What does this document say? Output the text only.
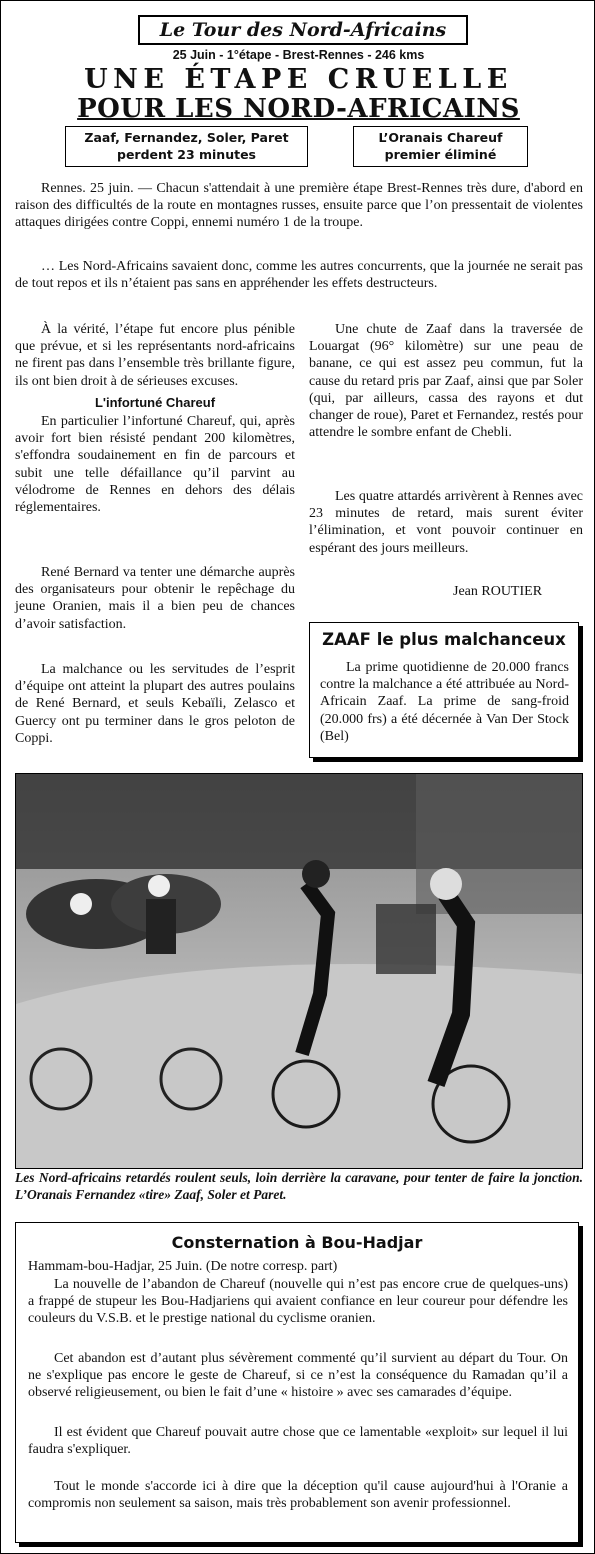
Le Tour des Nord-Africains
25 Juin - 1°étape - Brest-Rennes - 246 kms
UNE ÉTAPE CRUELLE
POUR LES NORD-AFRICAINS
Zaaf, Fernandez, Soler, Paret
perdent 23 minutes
L’Oranais Chareuf
premier éliminé

Rennes. 25 juin. — Chacun s'attendait à une première étape Brest-Rennes très dure, d'abord en raison des difficultés de la route en montagnes russes, ensuite parce que l’on pressentait de violentes attaques dirigées contre Coppi, ennemi numéro 1 de la troupe.

… Les Nord-Africains savaient donc, comme les autres concurrents, que la journée ne serait pas de tout repos et ils n’étaient pas sans en appréhender les effets destructeurs.

À la vérité, l’étape fut encore plus pénible que prévue, et si les représentants nord-africains ne firent pas dans l’ensemble très brillante figure, ils ont bien droit à de sérieuses excuses.

L'infortuné Chareuf

En particulier l’infortuné Chareuf, qui, après avoir fort bien résisté pendant 200 kilomètres, s'effondra soudainement en fin de parcours et subit une telle défaillance qu’il parvint au vélodrome de Rennes en dehors des délais réglementaires.

René Bernard va tenter une démarche auprès des organisateurs pour obtenir le repêchage du jeune Oranien, mais il a bien peu de chances d’avoir satisfaction.

La malchance ou les servitudes de l’esprit d’équipe ont atteint la plupart des autres poulains de René Bernard, et seuls Kebaïli, Zelasco et Guercy ont pu terminer dans le gros peloton de Coppi.

Une chute de Zaaf dans la traversée de Louargat (96° kilomètre) sur une peau de banane, ce qui est assez peu commun, fut la cause du retard pris par Zaaf, ainsi que par Soler (qui, par ailleurs, cassa des rayons et dut changer de roue), Paret et Fernandez, restés pour attendre le sombre enfant de Chebli.

Les quatre attardés arrivèrent à Rennes avec 23 minutes de retard, mais surent éviter l’élimination, et vont pouvoir continuer en espérant des jours meilleurs.

Jean ROUTIER
ZAAF le plus malchanceux

La prime quotidienne de 20.000 francs contre la malchance a été attribuée au Nord-Africain Zaaf. La prime de sang-froid (20.000 frs) a été décernée à Van Der Stock (Bel)

Les Nord-africains retardés roulent seuls, loin derrière la caravane, pour tenter de faire la jonction. L’Oranais Fernandez «tire» Zaaf, Soler et Paret.
Consternation à Bou-Hadjar

Hammam-bou-Hadjar, 25 Juin. (De notre corresp. part)

La nouvelle de l’abandon de Chareuf (nouvelle qui n’est pas encore crue de quelques-uns) a frappé de stupeur les Bou-Hadjariens qui avaient confiance en leur coureur pour défendre les couleurs du V.S.B. et le prestige national du cyclisme oranien.

Cet abandon est d’autant plus sévèrement commenté qu’il survient au départ du Tour. On ne s'explique pas encore le geste de Chareuf, si ce n’est la conséquence du Ramadan qu’il a observé religieusement, ou bien le fait d’une « histoire » avec ses camarades d’équipe.

Il est évident que Chareuf pouvait autre chose que ce lamentable «exploit» sur lequel il lui faudra s'expliquer.

Tout le monde s'accorde ici à dire que la déception qu'il cause aujourd'hui à l'Oranie a compromis non seulement sa saison, mais très probablement son avenir professionnel.
